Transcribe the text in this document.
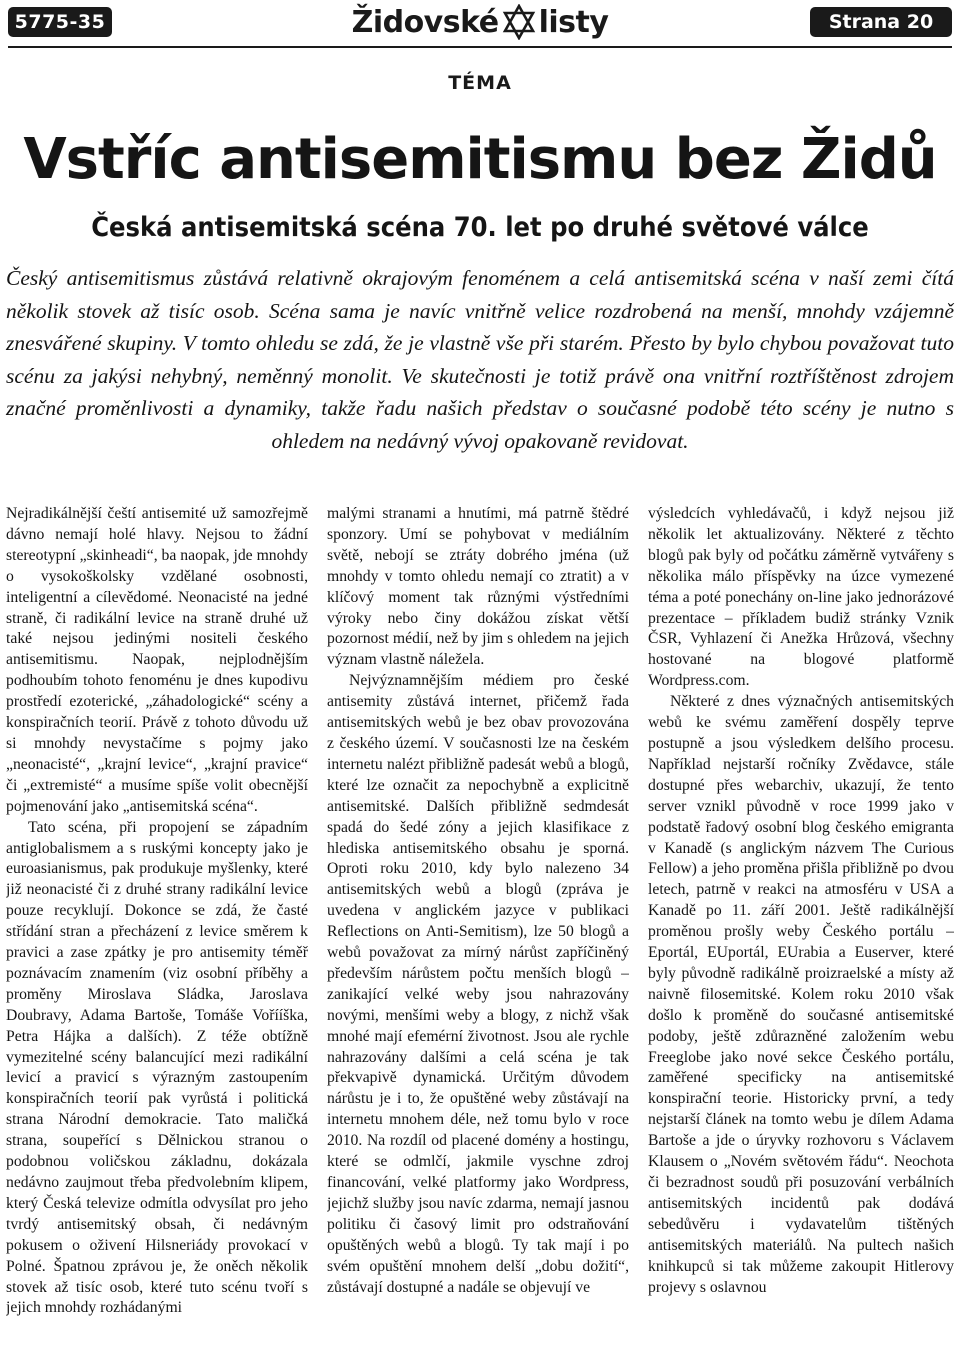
5775-35	Židovské listy	Strana 20
TÉMA
Vstříc antisemitismu bez Židů
Česká antisemitská scéna 70. let po druhé světové válce
Český antisemitismus zůstává relativně okrajovým fenoménem a celá antisemitská scéna v naší zemi čítá několik stovek až tisíc osob. Scéna sama je navíc vnitřně velice rozdrobená na menší, mnohdy vzájemně znesvářené skupiny. V tomto ohledu se zdá, že je vlastně vše při starém. Přesto by bylo chybou považovat tuto scénu za jakýsi nehybný, neměnný monolit. Ve skutečnosti je totiž právě ona vnitřní roztříštěnost zdrojem značné proměnlivosti a dynamiky, takže řadu našich představ o současné podobě této scény je nutno s ohledem na nedávný vývoj opakovaně revidovat.

Nejradikálnější čeští antisemité už samozřejmě dávno nemají holé hlavy. Nejsou to žádní stereotypní „skinheadi“, ba naopak, jde mnohdy o vysokoškolsky vzdělané osobnosti, inteligentní a cílevědomé. Neonacisté na jedné straně, či radikální levice na straně druhé už také nejsou jedinými nositeli českého antisemitismu. Naopak, nejplodnějším podhoubím tohoto fenoménu je dnes kupodivu prostředí ezoterické, „záhadologické“ scény a konspiračních teorií. Právě z tohoto důvodu už si mnohdy nevystačíme s pojmy jako „neonacisté“, „krajní levice“, „krajní pravice“ či „extremisté“ a musíme spíše volit obecnější pojmenování jako „antisemitská scéna“.

Tato scéna, při propojení se západním antiglobalismem a s ruskými koncepty jako je euroasianismus, pak produkuje myšlenky, které již neonacisté či z druhé strany radikální levice pouze recyklují. Dokonce se zdá, že časté střídání stran a přecházení z levice směrem k pravici a zase zpátky je pro antisemity téměř poznávacím znamením (viz osobní příběhy a proměny Miroslava Sládka, Jaroslava Doubravy, Adama Bartoše, Tomáše Vořííška, Petra Hájka a dalších). Z téže obtížně vymezitelné scény balancující mezi radikální levicí a pravicí s výrazným zastoupením konspiračních teorií pak vyrůstá i politická strana Národní demokracie. Tato maličká strana, soupeřící s Dělnickou stranou o podobnou voličskou základnu, dokázala nedávno zaujmout třeba předvolebním klipem, který Česká televize odmítla odvysílat pro jeho tvrdý antisemitský obsah, či nedávným pokusem o oživení Hilsneriády provokací v Polné. Špatnou zprávou je, že oněch několik stovek až tisíc osob, které tuto scénu tvoří s jejich mnohdy rozhádanými

malými stranami a hnutími, má patrně štědré sponzory. Umí se pohybovat v mediálním světě, nebojí se ztráty dobrého jména (už mnohdy v tomto ohledu nemají co ztratit) a v klíčový moment tak různými výstředními výroky nebo činy dokážou získat větší pozornost médií, než by jim s ohledem na jejich význam vlastně náležela.

Nejvýznamnějším médiem pro české antisemity zůstává internet, přičemž řada antisemitských webů je bez obav provozována z českého území. V současnosti lze na českém internetu nalézt přibližně padesát webů a blogů, které lze označit za nepochybně a explicitně antisemitské. Dalších přibližně sedmdesát spadá do šedé zóny a jejich klasifikace z hlediska antisemitského obsahu je sporná. Oproti roku 2010, kdy bylo nalezeno 34 antisemitských webů a blogů (zpráva je uvedena v anglickém jazyce v publikaci Reflections on Anti-Semitism), lze 50 blogů a webů považovat za mírný nárůst zapříčiněný především nárůstem počtu menších blogů – zanikající velké weby jsou nahrazovány novými, menšími weby a blogy, z nichž však mnohé mají efemérní životnost. Jsou ale rychle nahrazovány dalšími a celá scéna je tak překvapivě dynamická. Určitým důvodem nárůstu je i to, že opuštěné weby zůstávají na internetu mnohem déle, než tomu bylo v roce 2010. Na rozdíl od placené domény a hostingu, které se odmlčí, jakmile vyschne zdroj financování, velké platformy jako Wordpress, jejichž služby jsou navíc zdarma, nemají jasnou politiku či časový limit pro odstraňování opuštěných webů a blogů. Ty tak mají i po svém opuštění mnohem delší „dobu dožití“, zůstávají dostupné a nadále se objevují ve

výsledcích vyhledávačů, i když nejsou již několik let aktualizovány. Některé z těchto blogů pak byly od počátku záměrně vytvářeny s několika málo příspěvky na úzce vymezené téma a poté ponechány on-line jako jednorázové prezentace – příkladem budiž stránky Vznik ČSR, Vyhlazení či Anežka Hrůzová, všechny hostované na blogové platformě Wordpress.com.

Některé z dnes význačných antisemitských webů ke svému zaměření dospěly teprve postupně a jsou výsledkem delšího procesu. Například nejstarší ročníky Zvědavce, stále dostupné přes webarchiv, ukazují, že tento server vznikl původně v roce 1999 jako v podstatě řadový osobní blog českého emigranta v Kanadě (s anglickým názvem The Curious Fellow) a jeho proměna přišla přibližně po dvou letech, patrně v reakci na atmosféru v USA a Kanadě po 11. září 2001. Ještě radikálnější proměnou prošly weby Českého portálu – Eportál, EUportál, EUrabia a Euserver, které byly původně radikálně proizraelské a místy až naivně filosemitské. Kolem roku 2010 však došlo k proměně do současné antisemitské podoby, ještě zdůrazněné založením webu Freeglobe jako nové sekce Českého portálu, zaměřené specificky na antisemitské konspirační teorie. Historicky první, a tedy nejstarší článek na tomto webu je dílem Adama Bartoše a jde o úryvky rozhovoru s Václavem Klausem o „Novém světovém řádu“. Neochota či bezradnost soudů při posuzování verbálních antisemitských incidentů pak dodává sebedůvěru i vydavatelům tištěných antisemitských materiálů. Na pultech našich knihkupců si tak můžeme zakoupit Hitlerovy projevy s oslavnou
